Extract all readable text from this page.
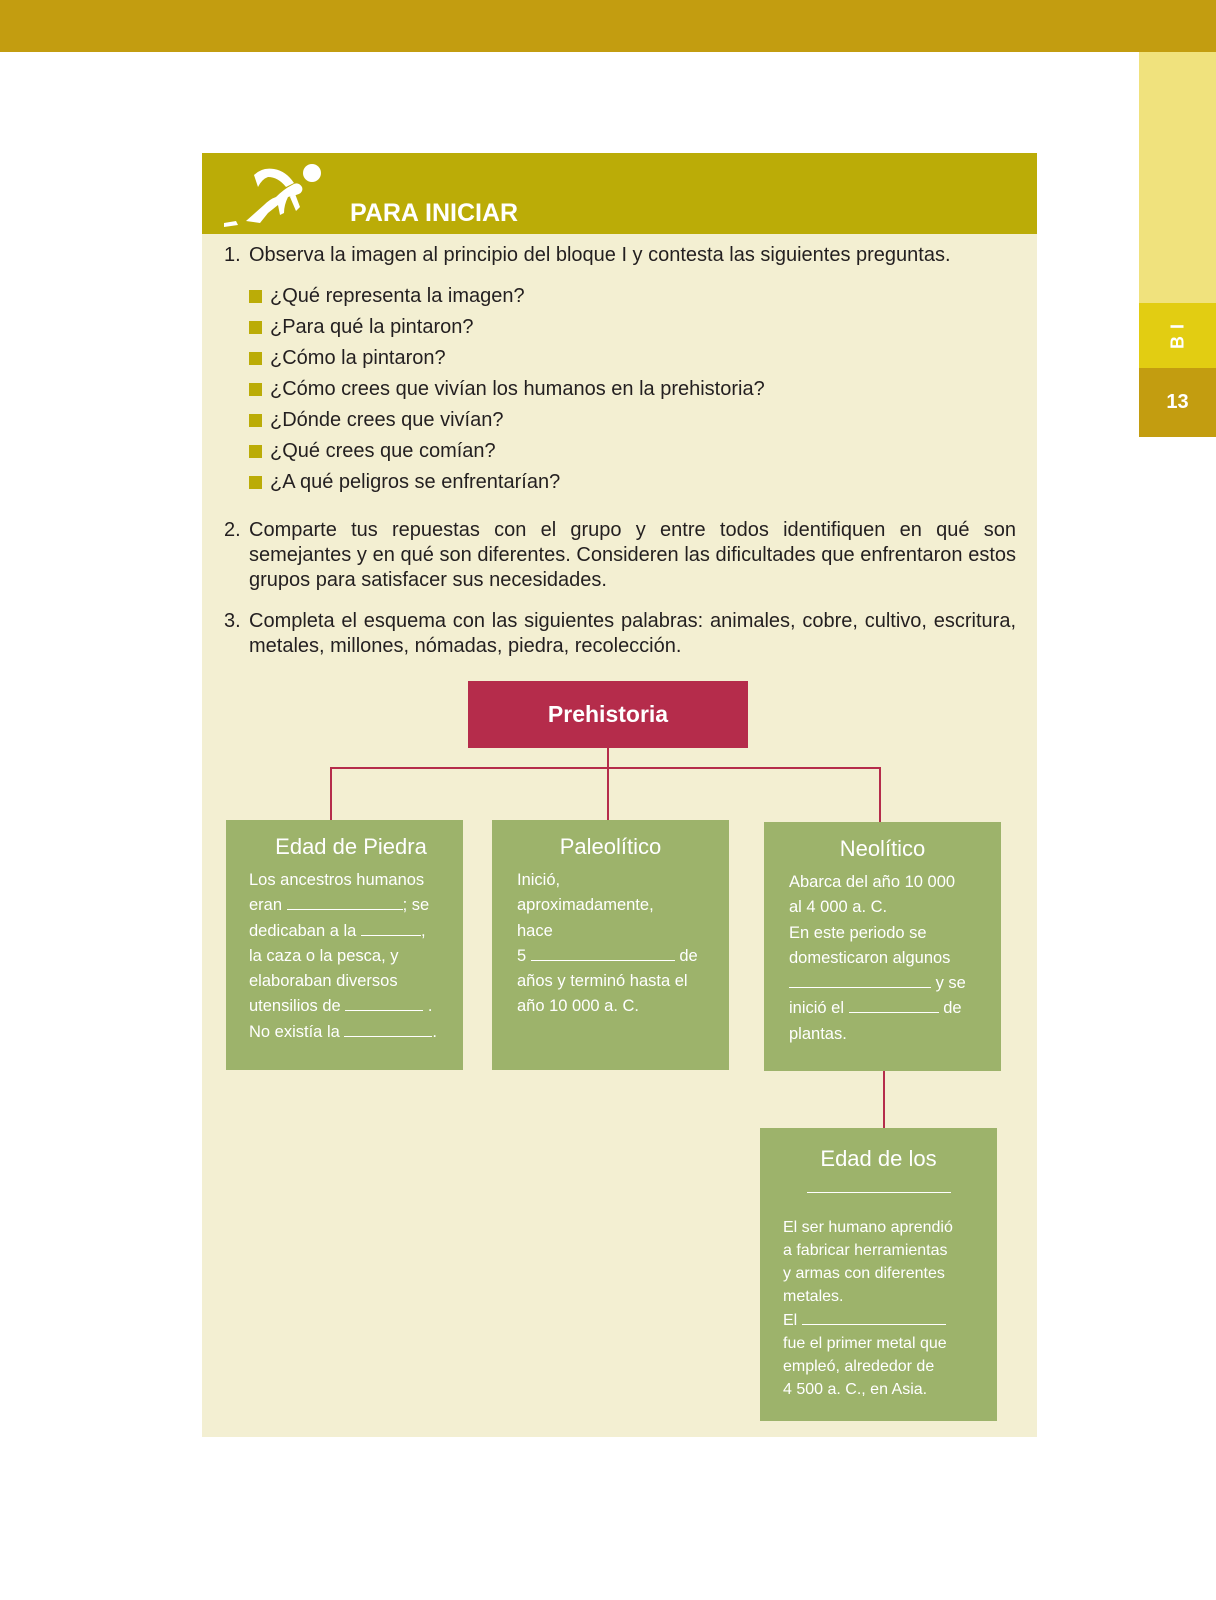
B I
13
PARA INICIAR
1. Observa la imagen al principio del bloque I y contesta las siguientes preguntas.
¿Qué representa la imagen?
¿Para qué la pintaron?
¿Cómo la pintaron?
¿Cómo crees que vivían los humanos en la prehistoria?
¿Dónde crees que vivían?
¿Qué crees que comían?
¿A qué peligros se enfrentarían?
2. Comparte tus repuestas con el grupo y entre todos identifiquen en qué son semejantes y en qué son diferentes. Consideren las dificultades que enfrentaron estos grupos para satisfacer sus necesidades.
3. Completa el esquema con las siguientes palabras: animales, cobre, cultivo, escritura, metales, millones, nómadas, piedra, recolección.
Prehistoria
Edad de Piedra
Los ancestros humanos
eran	; se
dedicaban a la	,
la caza o la pesca, y
elaboraban diversos
utensilios de	.
No existía la	.
Paleolítico
Inició,
aproximadamente,
hace
5	de
años y terminó hasta el
año 10 000 a. C.
Neolítico
Abarca del año 10 000
al 4 000 a. C.
En este periodo se
domesticaron algunos
y se
inició el	de
plantas.
Edad de los
El ser humano aprendió
a fabricar herramientas
y armas con diferentes
metales.
El
fue el primer metal que
empleó, alrededor de
4 500 a. C., en Asia.
